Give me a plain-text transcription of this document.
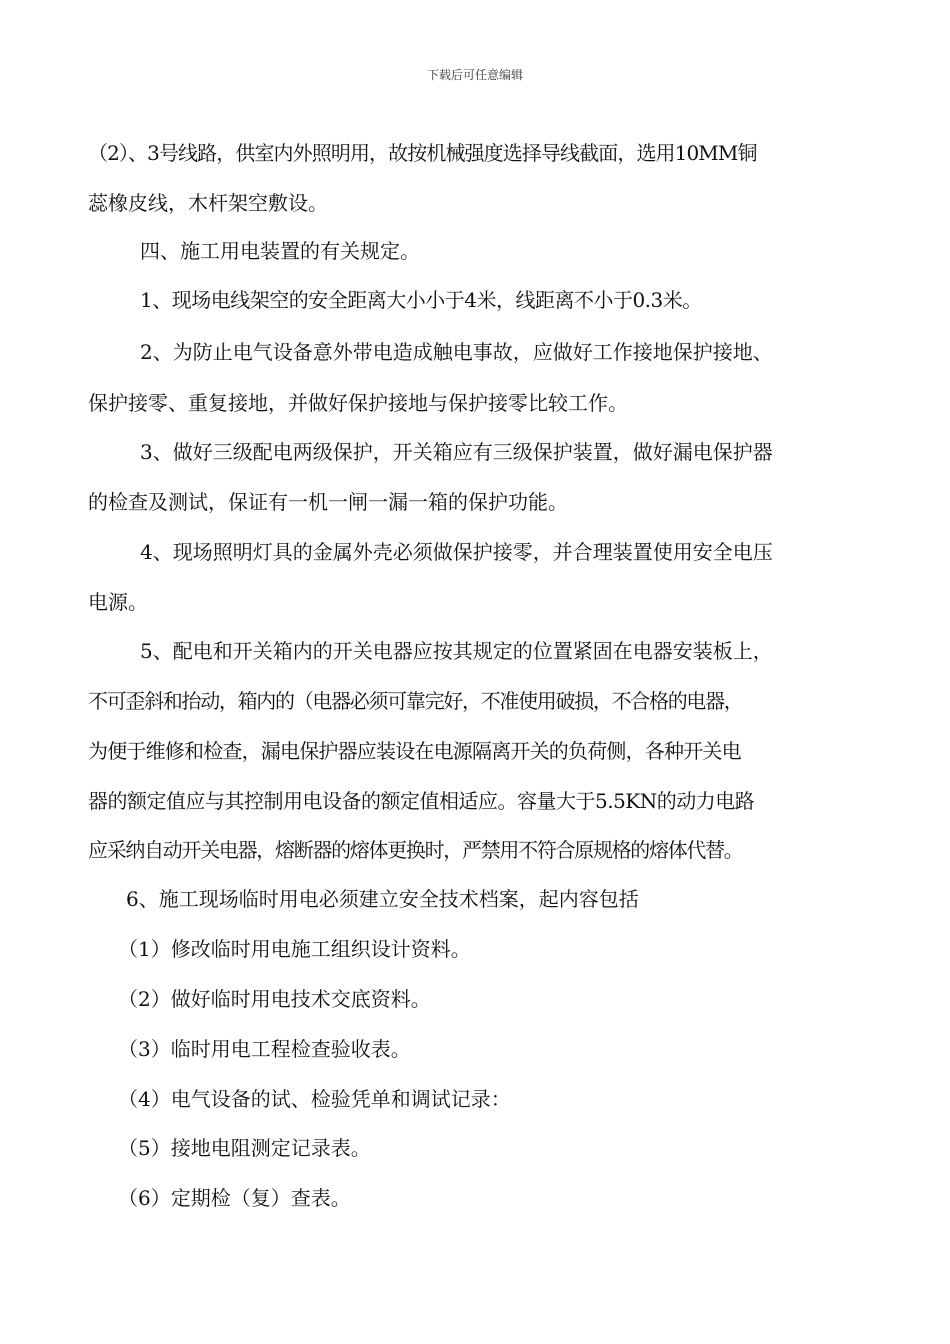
下载后可任意编辑
（2）、3号线路，供室内外照明用，故按机械强度选择导线截面，选用10MM铜
蕊橡皮线，木杆架空敷设。
四、施工用电装置的有关规定。
1、现场电线架空的安全距离大小小于4米，线距离不小于0.3米。
2、为防止电气设备意外带电造成触电事故，应做好工作接地保护接地、
保护接零、重复接地，并做好保护接地与保护接零比较工作。
3、做好三级配电两级保护，开关箱应有三级保护装置，做好漏电保护器
的检查及测试，保证有一机一闸一漏一箱的保护功能。
4、现场照明灯具的金属外壳必须做保护接零，并合理装置使用安全电压
电源。
5、配电和开关箱内的开关电器应按其规定的位置紧固在电器安装板上，
不可歪斜和抬动，箱内的（电器必须可靠完好，不准使用破损，不合格的电器，
为便于维修和检查，漏电保护器应装设在电源隔离开关的负荷侧，各种开关电
器的额定值应与其控制用电设备的额定值相适应。容量大于5.5KN的动力电路
应采纳自动开关电器，熔断器的熔体更换时，严禁用不符合原规格的熔体代替。
6、施工现场临时用电必须建立安全技术档案，起内容包括
（1）修改临时用电施工组织设计资料。
（2）做好临时用电技术交底资料。
（3）临时用电工程检查验收表。
（4）电气设备的试、检验凭单和调试记录：
（5）接地电阻测定记录表。
（6）定期检（复）查表。
